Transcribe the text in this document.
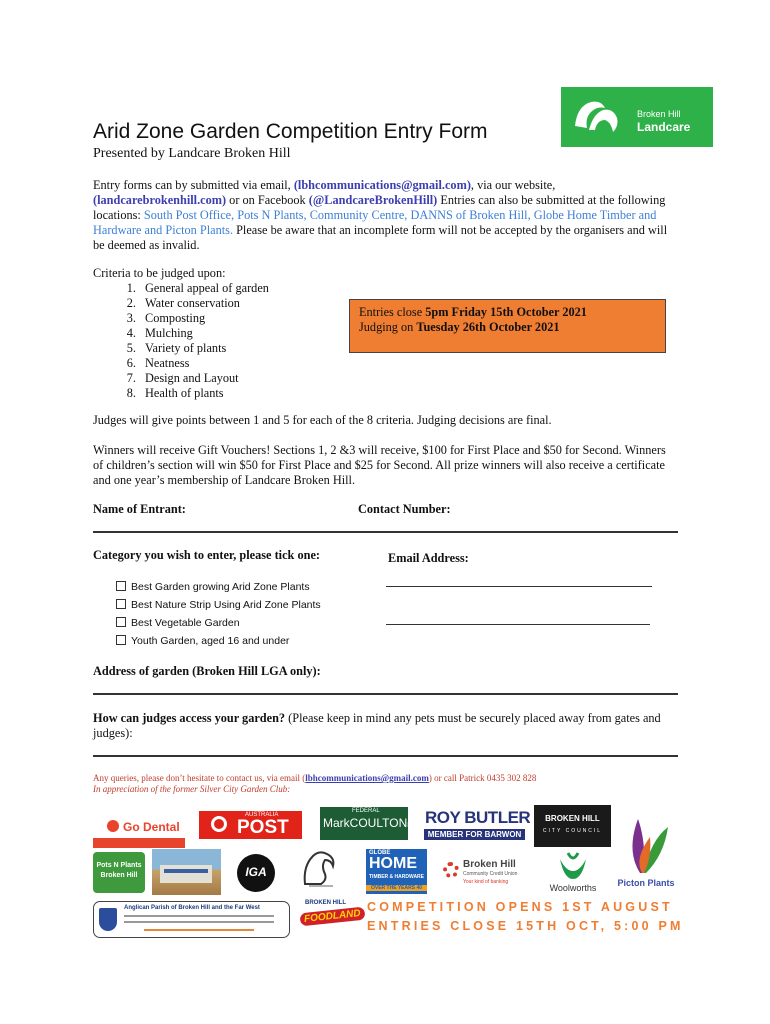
Broken Hill
Landcare
Arid Zone Garden Competition Entry Form
Presented by Landcare Broken Hill
Entry forms can by submitted via email, (lbhcommunications@gmail.com), via our website, (landcarebrokenhill.com) or on Facebook (@LandcareBrokenHill) Entries can also be submitted at the following locations: South Post Office, Pots N Plants, Community Centre, DANNS of Broken Hill, Globe Home Timber and Hardware and Picton Plants. Please be aware that an incomplete form will not be accepted by the organisers and will be deemed as invalid.
Criteria to be judged upon:
1. General appeal of garden
2. Water conservation
3. Composting
4. Mulching
5. Variety of plants
6. Neatness
7. Design and Layout
8. Health of plants
Entries close 5pm Friday 15th October 2021
Judging on Tuesday 26th October 2021
Judges will give points between 1 and 5 for each of the 8 criteria. Judging decisions are final.
Winners will receive Gift Vouchers! Sections 1, 2 &3 will receive, $100 for First Place and $50 for Second. Winners of children’s section will win $50 for First Place and $25 for Second. All prize winners will also receive a certificate and one year’s membership of Landcare Broken Hill.
Name of Entrant:	Contact Number:
Category you wish to enter, please tick one:	Email Address:
Best Garden growing Arid Zone Plants
Best Nature Strip Using Arid Zone Plants
Best Vegetable Garden
Youth Garden, aged 16 and under
Address of garden (Broken Hill LGA only):
How can judges access your garden? (Please keep in mind any pets must be securely placed away from gates and judges):
Any queries, please don’t hesitate to contact us, via email (lbhcommunications@gmail.com) or call Patrick 0435 302 828
In appreciation of the former Silver City Garden Club:
Go Dental
AUSTRALIA
POST
FEDERAL
MarkCOULTONMP ROY BUTLER
MEMBER FOR BARWON
BROKEN HILL
CITY COUNCIL
Picton Plants
Pots N Plants
Broken Hill	IGA
GLOBE
HOME
TIMBER & HARDWARE
OVER THE YEARS 40
Broken Hill
Community Credit Union
Your kind of banking
Woolworths
Anglican Parish of Broken Hill and the Far West
BROKEN HILL
FOODLAND
COMPETITION OPENS 1ST AUGUST
ENTRIES CLOSE 15TH OCT, 5:00 PM
